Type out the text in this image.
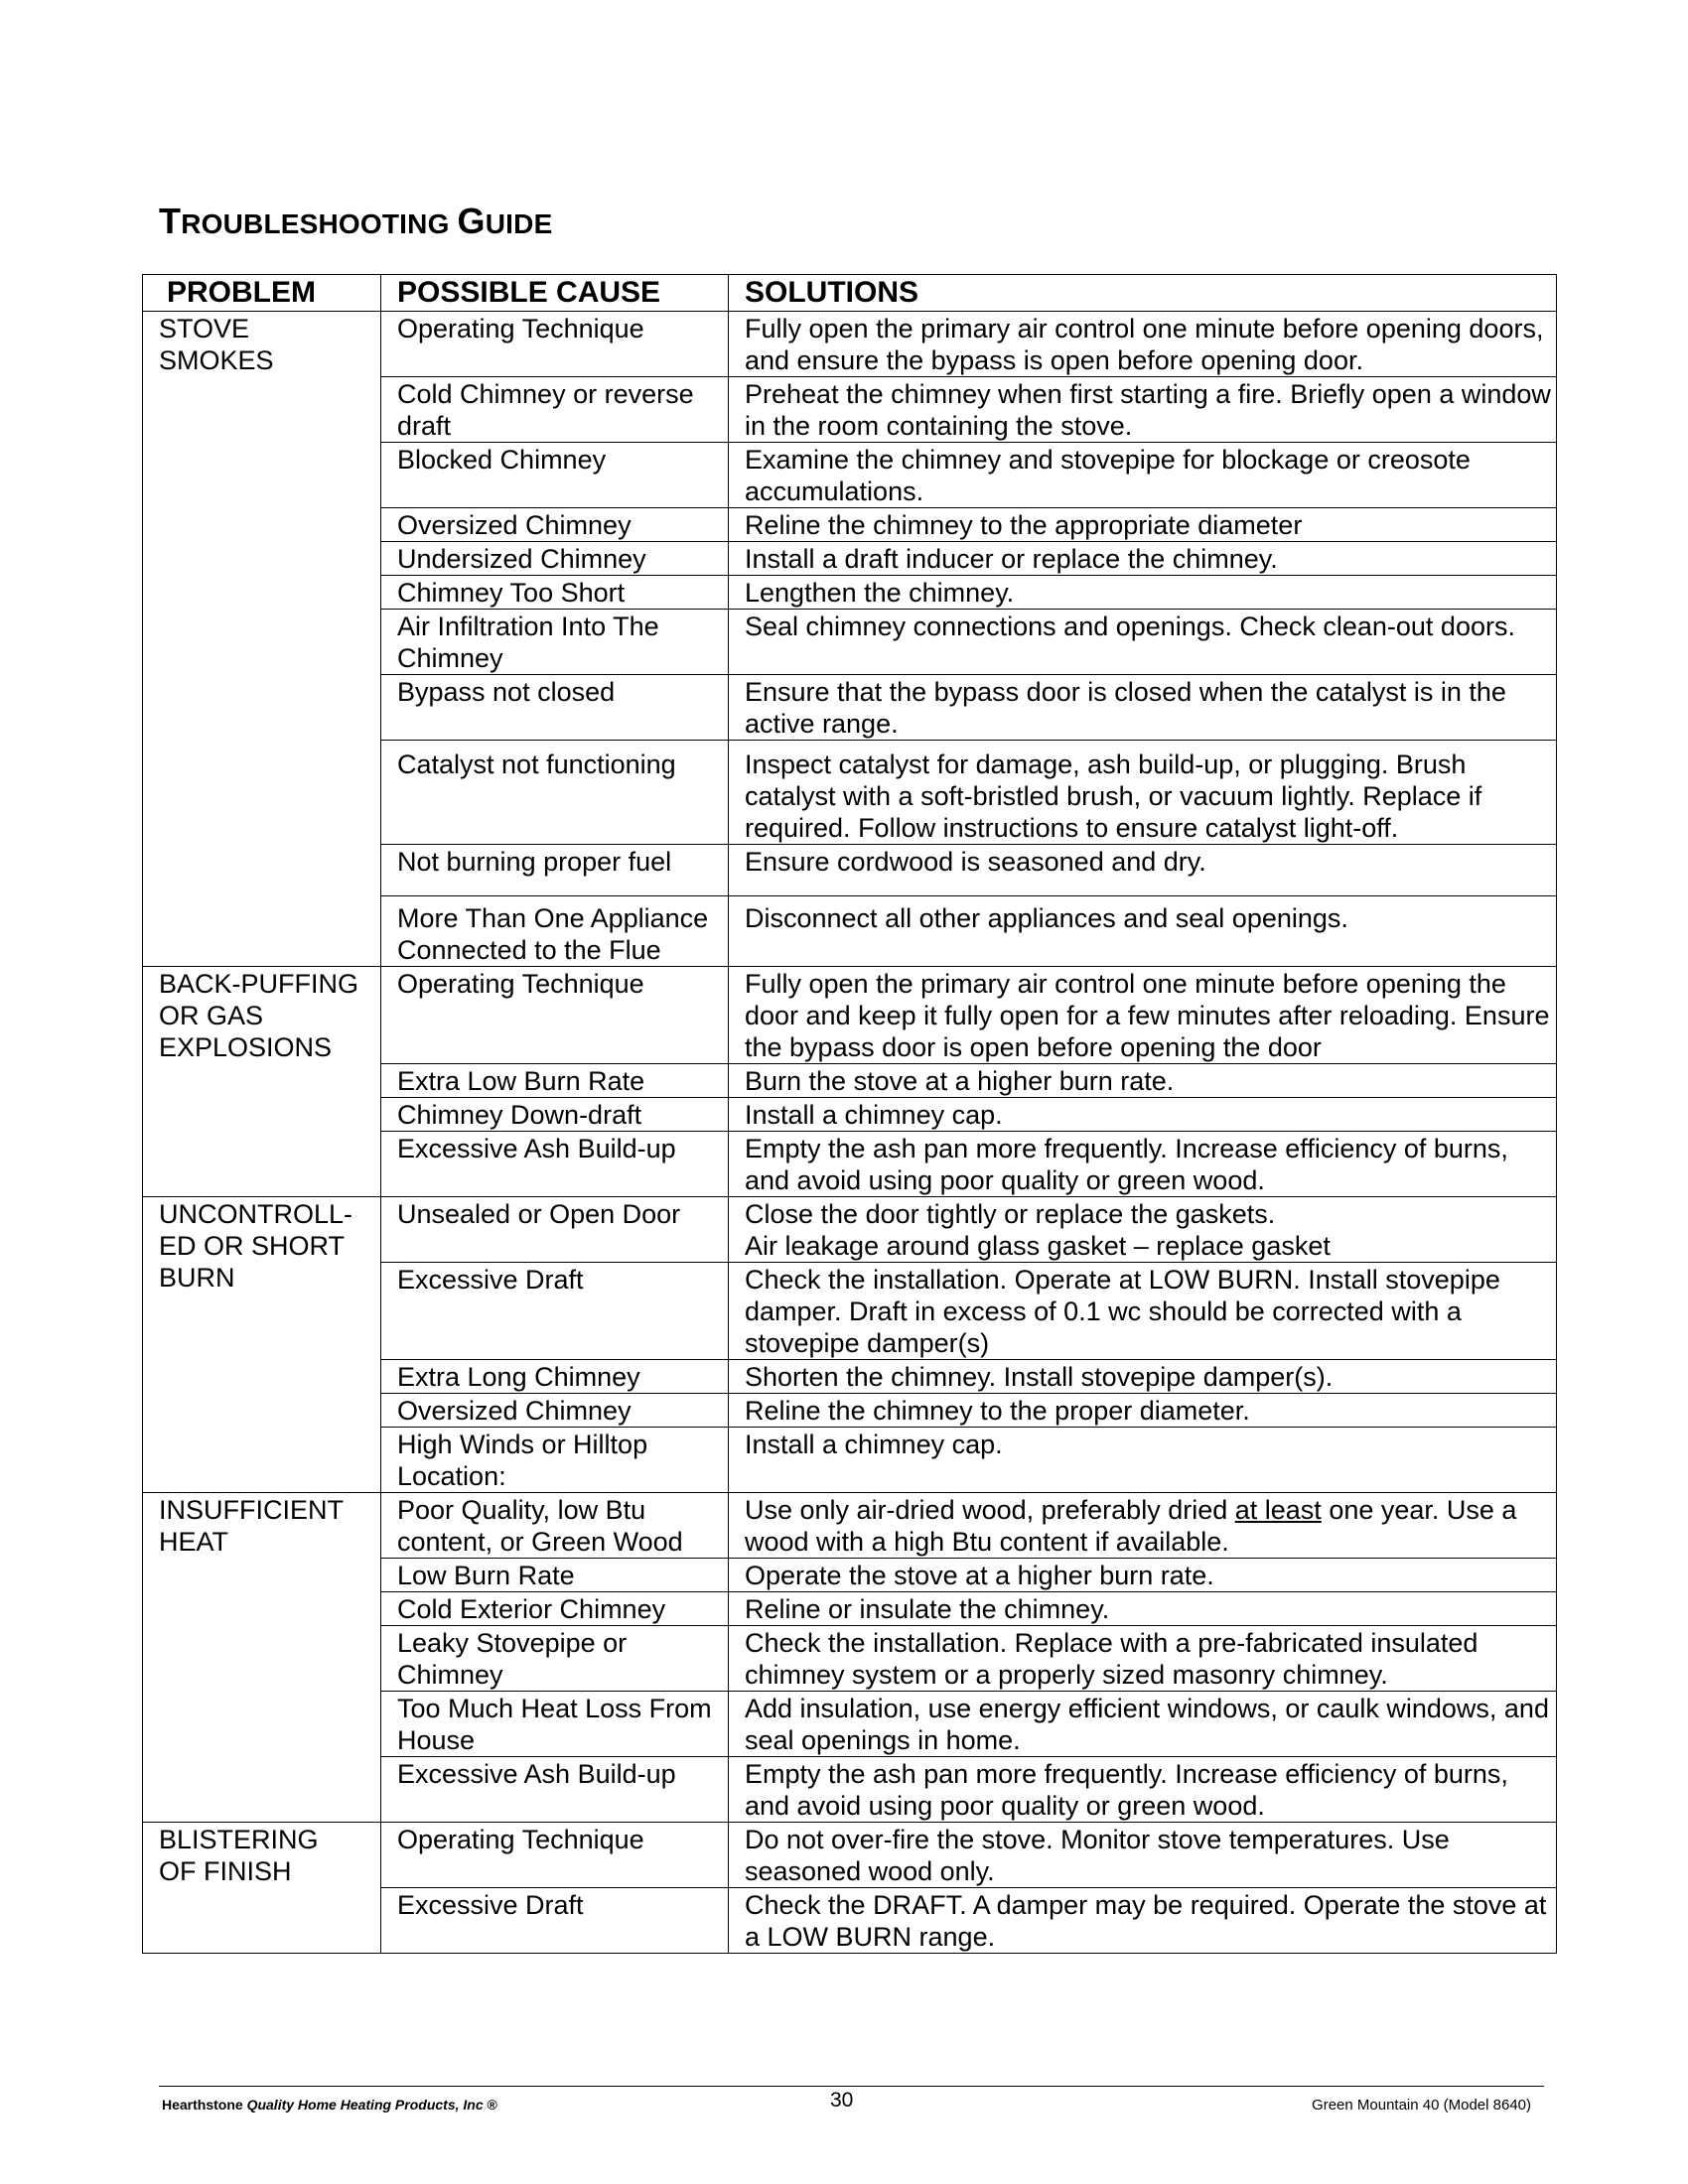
TROUBLESHOOTING GUIDE
PROBLEM	POSSIBLE CAUSE	SOLUTIONS
STOVE
SMOKES	Operating Technique	Fully open the primary air control one minute before opening doors, and ensure the bypass is open before opening door.
	Cold Chimney or reverse draft	Preheat the chimney when first starting a fire. Briefly open a window in the room containing the stove.
	Blocked Chimney	Examine the chimney and stovepipe for blockage or creosote accumulations.
	Oversized Chimney	Reline the chimney to the appropriate diameter
	Undersized Chimney	Install a draft inducer or replace the chimney.
	Chimney Too Short	Lengthen the chimney.
	Air Infiltration Into The Chimney	Seal chimney connections and openings. Check clean-out doors.
	Bypass not closed	Ensure that the bypass door is closed when the catalyst is in the active range.
	Catalyst not functioning	Inspect catalyst for damage, ash build-up, or plugging. Brush catalyst with a soft-bristled brush, or vacuum lightly. Replace if required. Follow instructions to ensure catalyst light-off.
	Not burning proper fuel	Ensure cordwood is seasoned and dry.
	More Than One Appliance Connected to the Flue	Disconnect all other appliances and seal openings.
BACK-PUFFING
OR GAS
EXPLOSIONS	Operating Technique	Fully open the primary air control one minute before opening the door and keep it fully open for a few minutes after reloading. Ensure the bypass door is open before opening the door
	Extra Low Burn Rate	Burn the stove at a higher burn rate.
	Chimney Down-draft	Install a chimney cap.
	Excessive Ash Build-up	Empty the ash pan more frequently. Increase efficiency of burns, and avoid using poor quality or green wood.
UNCONTROLL-
ED OR SHORT
BURN	Unsealed or Open Door	Close the door tightly or replace the gaskets.
Air leakage around glass gasket – replace gasket
	Excessive Draft	Check the installation. Operate at LOW BURN. Install stovepipe damper. Draft in excess of 0.1 wc should be corrected with a stovepipe damper(s)
	Extra Long Chimney	Shorten the chimney. Install stovepipe damper(s).
	Oversized Chimney	Reline the chimney to the proper diameter.
	High Winds or Hilltop Location:	Install a chimney cap.
INSUFFICIENT
HEAT	Poor Quality, low Btu content, or Green Wood	Use only air-dried wood, preferably dried at least one year. Use a wood with a high Btu content if available.
	Low Burn Rate	Operate the stove at a higher burn rate.
	Cold Exterior Chimney	Reline or insulate the chimney.
	Leaky Stovepipe or Chimney	Check the installation. Replace with a pre-fabricated insulated chimney system or a properly sized masonry chimney.
	Too Much Heat Loss From House	Add insulation, use energy efficient windows, or caulk windows, and seal openings in home.
	Excessive Ash Build-up	Empty the ash pan more frequently. Increase efficiency of burns, and avoid using poor quality or green wood.
BLISTERING
OF FINISH	Operating Technique	Do not over-fire the stove. Monitor stove temperatures. Use seasoned wood only.
	Excessive Draft	Check the DRAFT. A damper may be required. Operate the stove at a LOW BURN range.
Hearthstone Quality Home Heating Products, Inc ®	30	Green Mountain 40 (Model 8640)
